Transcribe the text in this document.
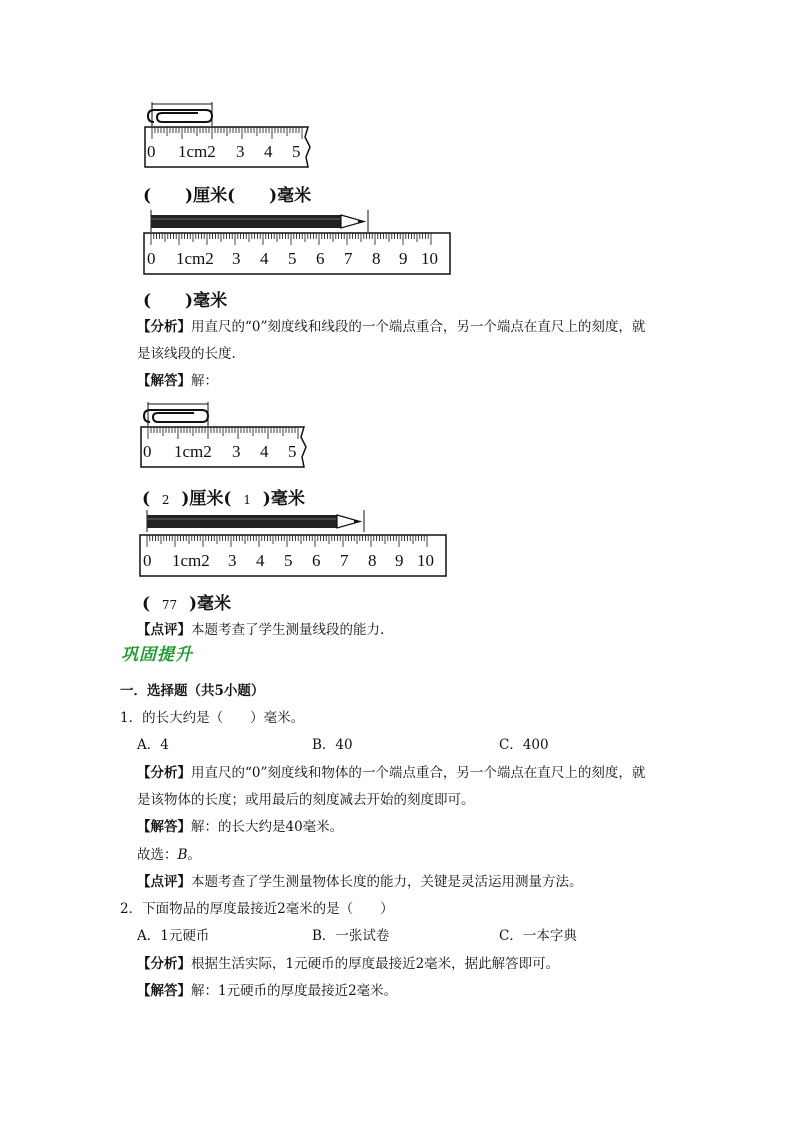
0 1cm2 3 4 5
(　　)厘米(　　)毫米
0 1cm2 3 4 5 6 7 8 9 10
(　　)毫米
【分析】用直尺的“0”刻度线和线段的一个端点重合，另一个端点在直尺上的刻度，就
是该线段的长度.
【解答】解：
0 1cm2 3 4 5
( 2 )厘米( 1 )毫米
0 1cm2 3 4 5 6 7 8 9 10
( 77 )毫米
【点评】本题考查了学生测量线段的能力.
巩固提升
一．选择题（共5小题）
1．的长大约是（　　）毫米。
A．4	B．40	C．400
【分析】用直尺的“0”刻度线和物体的一个端点重合，另一个端点在直尺上的刻度，就
是该物体的长度；或用最后的刻度减去开始的刻度即可。
【解答】解：的长大约是40毫米。
故选：B。
【点评】本题考查了学生测量物体长度的能力，关键是灵活运用测量方法。
2．下面物品的厚度最接近2毫米的是（　　）
A．1元硬币	B．一张试卷	C．一本字典
【分析】根据生活实际，1元硬币的厚度最接近2毫米，据此解答即可。
【解答】解：1元硬币的厚度最接近2毫米。
